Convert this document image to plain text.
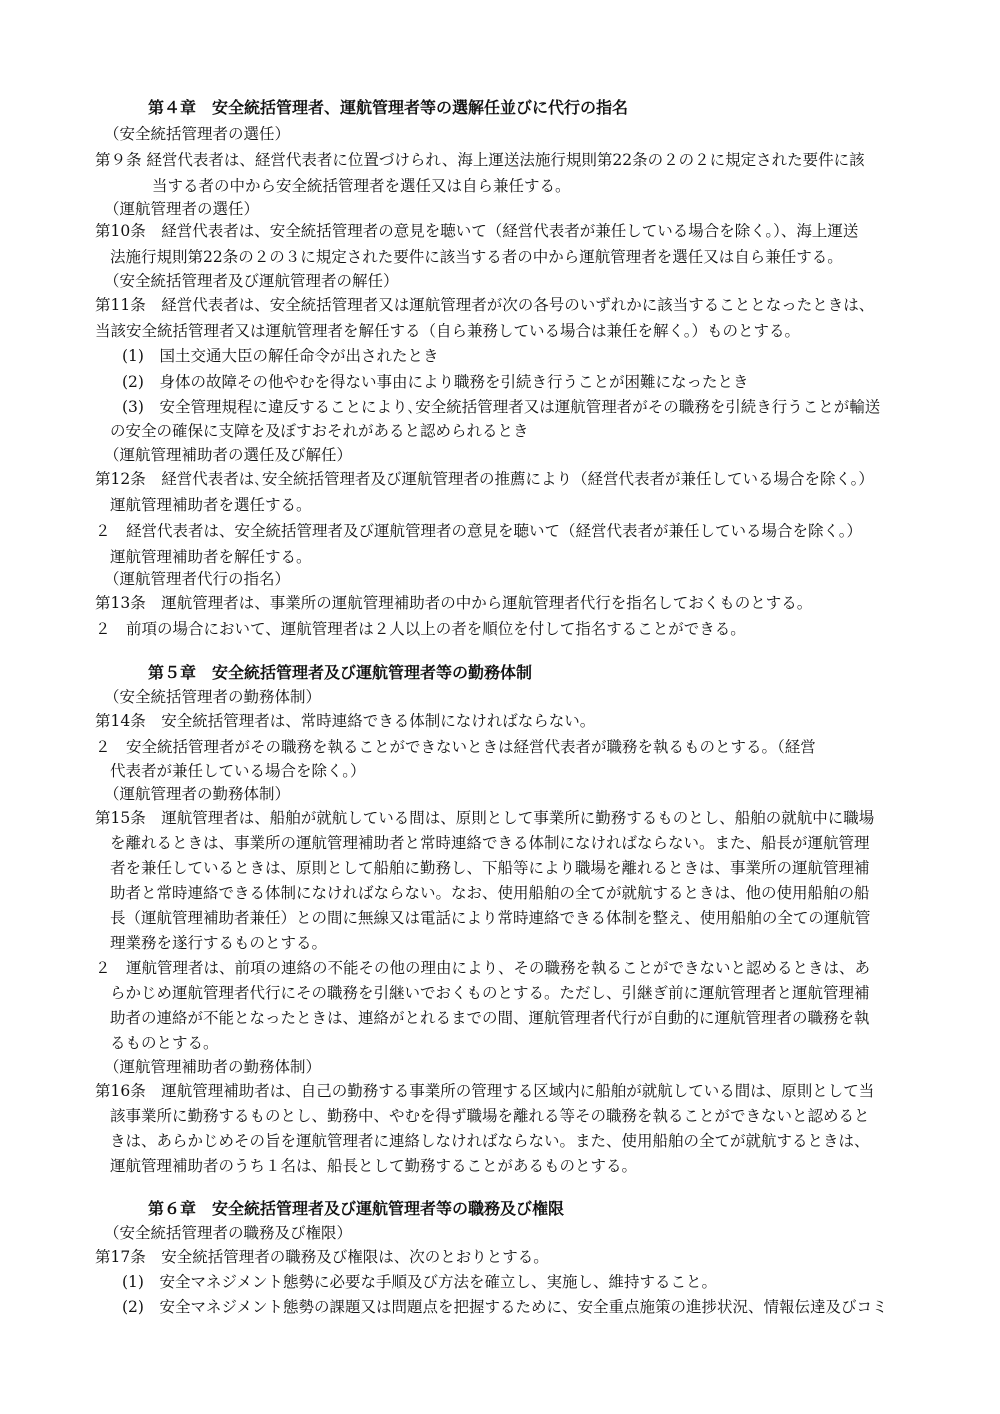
第４章　安全統括管理者、運航管理者等の選解任並びに代行の指名
（安全統括管理者の選任）
第９条 経営代表者は、経営代表者に位置づけられ、海上運送法施行規則第22条の２の２に規定された要件に該
当する者の中から安全統括管理者を選任又は自ら兼任する。
（運航管理者の選任）
第10条　経営代表者は、安全統括管理者の意見を聴いて（経営代表者が兼任している場合を除く。）、海上運送
法施行規則第22条の２の３に規定された要件に該当する者の中から運航管理者を選任又は自ら兼任する。
（安全統括管理者及び運航管理者の解任）
第11条　経営代表者は、安全統括管理者又は運航管理者が次の各号のいずれかに該当することとなったときは、
当該安全統括管理者又は運航管理者を解任する（自ら兼務している場合は兼任を解く。）ものとする。
(1)　国土交通大臣の解任命令が出されたとき
(2)　身体の故障その他やむを得ない事由により職務を引続き行うことが困難になったとき
(3)　安全管理規程に違反することにより､安全統括管理者又は運航管理者がその職務を引続き行うことが輸送
の安全の確保に支障を及ぼすおそれがあると認められるとき
（運航管理補助者の選任及び解任）
第12条　経営代表者は､安全統括管理者及び運航管理者の推薦により（経営代表者が兼任している場合を除く。）
運航管理補助者を選任する。
２　経営代表者は、安全統括管理者及び運航管理者の意見を聴いて（経営代表者が兼任している場合を除く。）
運航管理補助者を解任する。
（運航管理者代行の指名）
第13条　運航管理者は、事業所の運航管理補助者の中から運航管理者代行を指名しておくものとする。
２　前項の場合において、運航管理者は２人以上の者を順位を付して指名することができる。
第５章　安全統括管理者及び運航管理者等の勤務体制
（安全統括管理者の勤務体制）
第14条　安全統括管理者は、常時連絡できる体制になければならない。
２　安全統括管理者がその職務を執ることができないときは経営代表者が職務を執るものとする。（経営
代表者が兼任している場合を除く。）
（運航管理者の勤務体制）
第15条　運航管理者は、船舶が就航している間は、原則として事業所に勤務するものとし、船舶の就航中に職場
を離れるときは、事業所の運航管理補助者と常時連絡できる体制になければならない。また、船長が運航管理
者を兼任しているときは、原則として船舶に勤務し、下船等により職場を離れるときは、事業所の運航管理補
助者と常時連絡できる体制になければならない。なお、使用船舶の全てが就航するときは、他の使用船舶の船
長（運航管理補助者兼任）との間に無線又は電話により常時連絡できる体制を整え、使用船舶の全ての運航管
理業務を遂行するものとする。
２　運航管理者は、前項の連絡の不能その他の理由により、その職務を執ることができないと認めるときは、あ
らかじめ運航管理者代行にその職務を引継いでおくものとする。ただし、引継ぎ前に運航管理者と運航管理補
助者の連絡が不能となったときは、連絡がとれるまでの間、運航管理者代行が自動的に運航管理者の職務を執
るものとする。
（運航管理補助者の勤務体制）
第16条　運航管理補助者は、自己の勤務する事業所の管理する区域内に船舶が就航している間は、原則として当
該事業所に勤務するものとし、勤務中、やむを得ず職場を離れる等その職務を執ることができないと認めると
きは、あらかじめその旨を運航管理者に連絡しなければならない。また、使用船舶の全てが就航するときは、
運航管理補助者のうち１名は、船長として勤務することがあるものとする。
第６章　安全統括管理者及び運航管理者等の職務及び権限
（安全統括管理者の職務及び権限）
第17条　安全統括管理者の職務及び権限は、次のとおりとする。
(1)　安全マネジメント態勢に必要な手順及び方法を確立し、実施し、維持すること。
(2)　安全マネジメント態勢の課題又は問題点を把握するために、安全重点施策の進捗状況、情報伝達及びコミ
